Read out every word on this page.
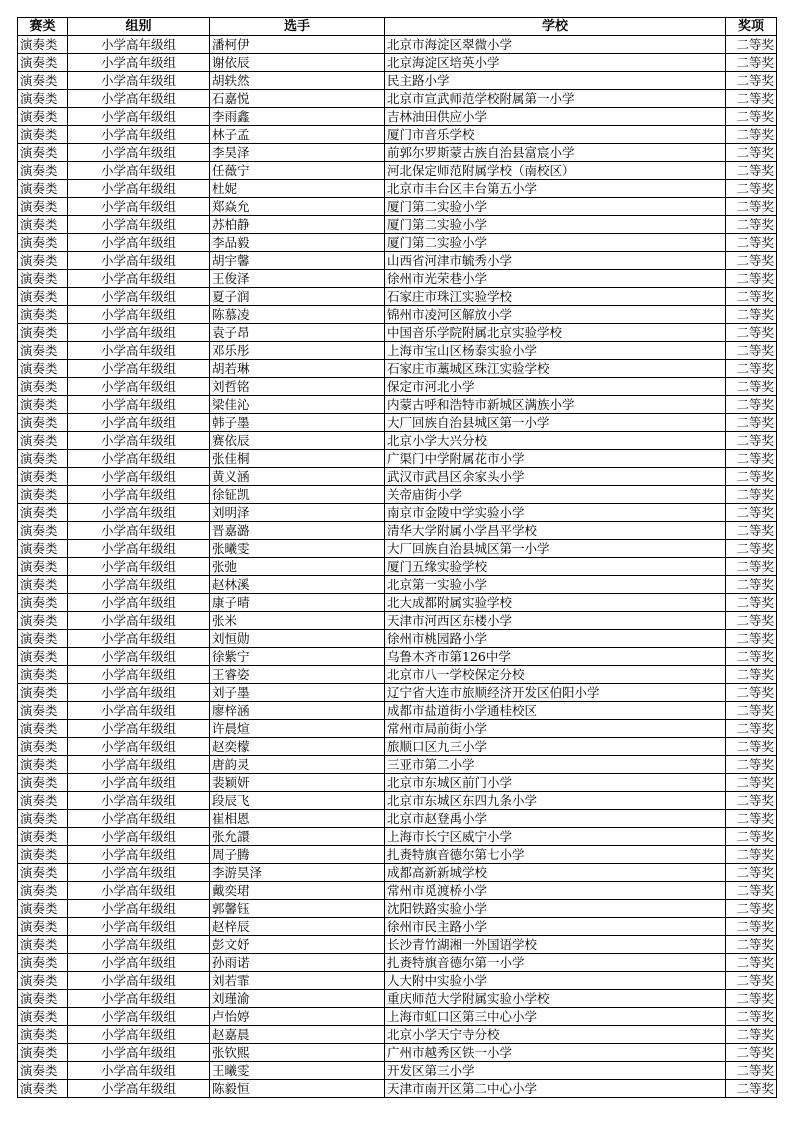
赛类	组别	选手	学校	奖项
演奏类	小学高年级组	潘柯伊	北京市海淀区翠微小学	二等奖
演奏类	小学高年级组	谢依辰	北京海淀区培英小学	二等奖
演奏类	小学高年级组	胡轶然	民主路小学	二等奖
演奏类	小学高年级组	石嘉悦	北京市宣武师范学校附属第一小学	二等奖
演奏类	小学高年级组	李雨鑫	吉林油田供应小学	二等奖
演奏类	小学高年级组	林子孟	厦门市音乐学校	二等奖
演奏类	小学高年级组	李昊泽	前郭尔罗斯蒙古族自治县富宸小学	二等奖
演奏类	小学高年级组	任薇宁	河北保定师范附属学校（南校区）	二等奖
演奏类	小学高年级组	杜妮	北京市丰台区丰台第五小学	二等奖
演奏类	小学高年级组	郑焱允	厦门第二实验小学	二等奖
演奏类	小学高年级组	苏柏静	厦门第二实验小学	二等奖
演奏类	小学高年级组	李品毅	厦门第二实验小学	二等奖
演奏类	小学高年级组	胡宇馨	山西省河津市毓秀小学	二等奖
演奏类	小学高年级组	王俊泽	徐州市光荣巷小学	二等奖
演奏类	小学高年级组	夏子润	石家庄市珠江实验学校	二等奖
演奏类	小学高年级组	陈慕凌	锦州市凌河区解放小学	二等奖
演奏类	小学高年级组	袁子昂	中国音乐学院附属北京实验学校	二等奖
演奏类	小学高年级组	邓乐彤	上海市宝山区杨泰实验小学	二等奖
演奏类	小学高年级组	胡若琳	石家庄市藁城区珠江实验学校	二等奖
演奏类	小学高年级组	刘哲铭	保定市河北小学	二等奖
演奏类	小学高年级组	梁佳沁	内蒙古呼和浩特市新城区满族小学	二等奖
演奏类	小学高年级组	韩子墨	大厂回族自治县城区第一小学	二等奖
演奏类	小学高年级组	赛依辰	北京小学大兴分校	二等奖
演奏类	小学高年级组	张佳桐	广渠门中学附属花市小学	二等奖
演奏类	小学高年级组	黄义涵	武汉市武昌区余家头小学	二等奖
演奏类	小学高年级组	徐钲凯	关帝庙街小学	二等奖
演奏类	小学高年级组	刘明泽	南京市金陵中学实验小学	二等奖
演奏类	小学高年级组	晋嘉潞	清华大学附属小学昌平学校	二等奖
演奏类	小学高年级组	张曦雯	大厂回族自治县城区第一小学	二等奖
演奏类	小学高年级组	张弛	厦门五缘实验学校	二等奖
演奏类	小学高年级组	赵林溪	北京第一实验小学	二等奖
演奏类	小学高年级组	康子晴	北大成都附属实验学校	二等奖
演奏类	小学高年级组	张米	天津市河西区东楼小学	二等奖
演奏类	小学高年级组	刘恒勋	徐州市桃园路小学	二等奖
演奏类	小学高年级组	徐紫宁	乌鲁木齐市第126中学	二等奖
演奏类	小学高年级组	王睿姿	北京市八一学校保定分校	二等奖
演奏类	小学高年级组	刘子墨	辽宁省大连市旅顺经济开发区伯阳小学	二等奖
演奏类	小学高年级组	廖梓涵	成都市盐道街小学通桂校区	二等奖
演奏类	小学高年级组	许晨煊	常州市局前街小学	二等奖
演奏类	小学高年级组	赵奕檬	旅顺口区九三小学	二等奖
演奏类	小学高年级组	唐韵灵	三亚市第二小学	二等奖
演奏类	小学高年级组	裴颖妍	北京市东城区前门小学	二等奖
演奏类	小学高年级组	段辰飞	北京市东城区东四九条小学	二等奖
演奏类	小学高年级组	崔相恩	北京市赵登禹小学	二等奖
演奏类	小学高年级组	张允譞	上海市长宁区威宁小学	二等奖
演奏类	小学高年级组	周子腾	扎赉特旗音德尔第七小学	二等奖
演奏类	小学高年级组	李游昊泽	成都高新新城学校	二等奖
演奏类	小学高年级组	戴奕珺	常州市觅渡桥小学	二等奖
演奏类	小学高年级组	郭馨钰	沈阳铁路实验小学	二等奖
演奏类	小学高年级组	赵梓辰	徐州市民主路小学	二等奖
演奏类	小学高年级组	彭文妤	长沙青竹湖湘一外国语学校	二等奖
演奏类	小学高年级组	孙雨诺	扎赉特旗音德尔第一小学	二等奖
演奏类	小学高年级组	刘若霏	人大附中实验小学	二等奖
演奏类	小学高年级组	刘瑾渝	重庆师范大学附属实验小学校	二等奖
演奏类	小学高年级组	卢怡婷	上海市虹口区第三中心小学	二等奖
演奏类	小学高年级组	赵嘉晨	北京小学天宁寺分校	二等奖
演奏类	小学高年级组	张钦熙	广州市越秀区铁一小学	二等奖
演奏类	小学高年级组	王曦雯	开发区第三小学	二等奖
演奏类	小学高年级组	陈毅恒	天津市南开区第二中心小学	二等奖
